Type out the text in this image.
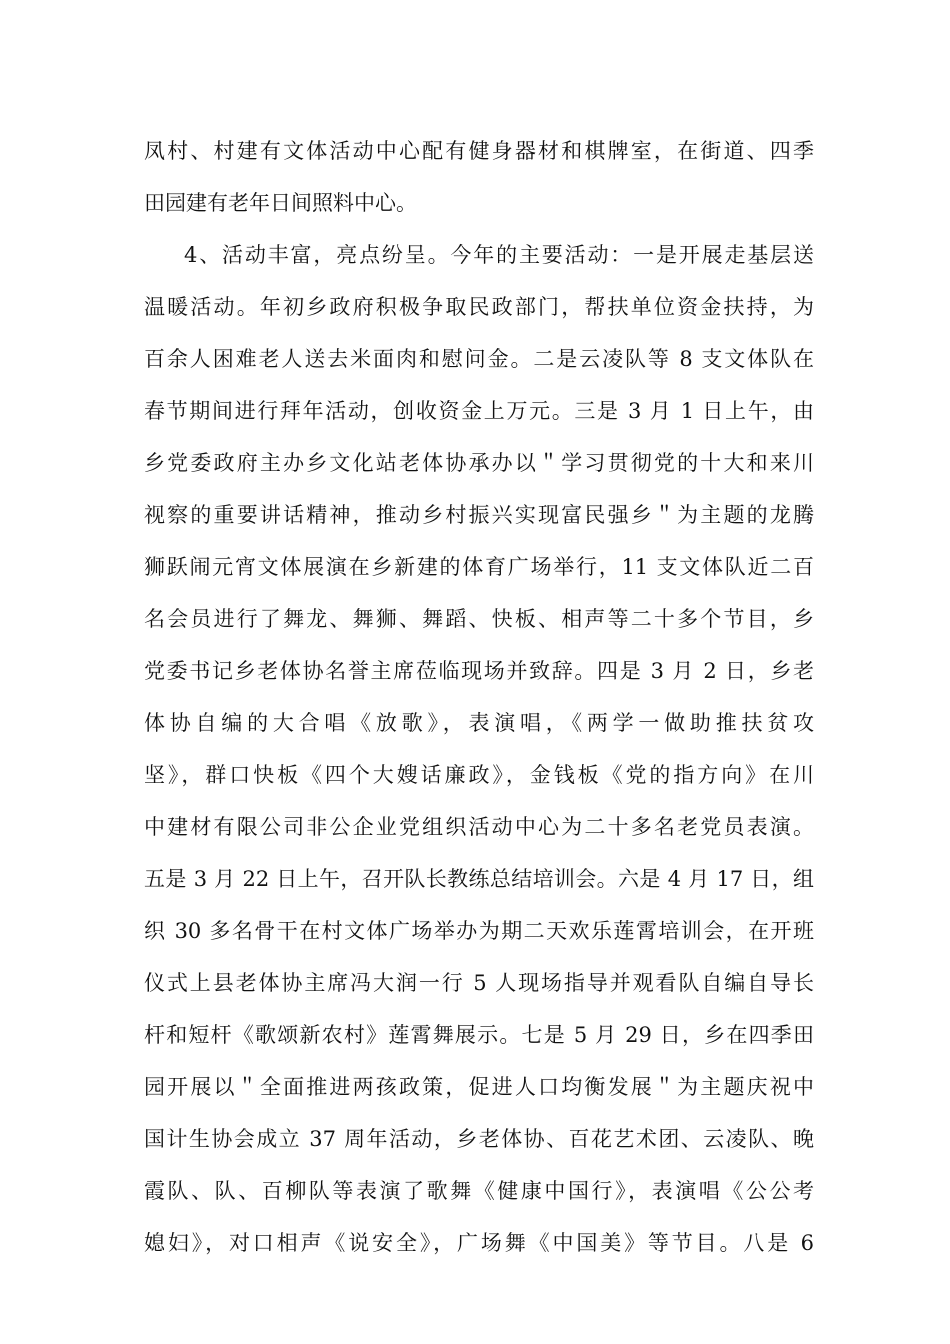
凤村、村建有文体活动中心配有健身器材和棋牌室，在街道、四季
田园建有老年日间照料中心。
4、活动丰富，亮点纷呈。今年的主要活动：一是开展走基层送
温暖活动。年初乡政府积极争取民政部门，帮扶单位资金扶持，为
百余人困难老人送去米面肉和慰问金。二是云凌队等 8 支文体队在
春节期间进行拜年活动，创收资金上万元。三是 3 月 1 日上午，由
乡党委政府主办乡文化站老体协承办以＂学习贯彻党的十大和来川
视察的重要讲话精神，推动乡村振兴实现富民强乡＂为主题的龙腾
狮跃闹元宵文体展演在乡新建的体育广场举行，11 支文体队近二百
名会员进行了舞龙、舞狮、舞蹈、快板、相声等二十多个节目，乡
党委书记乡老体协名誉主席莅临现场并致辞。四是 3 月 2 日，乡老
体协自编的大合唱《放歌》，表演唱，《两学一做助推扶贫攻
坚》，群口快板《四个大嫂话廉政》，金钱板《党的指方向》在川
中建材有限公司非公企业党组织活动中心为二十多名老党员表演。
五是 3 月 22 日上午，召开队长教练总结培训会。六是 4 月 17 日，组
织 30 多名骨干在村文体广场举办为期二天欢乐莲霄培训会，在开班
仪式上县老体协主席冯大润一行 5 人现场指导并观看队自编自导长
杆和短杆《歌颂新农村》莲霄舞展示。七是 5 月 29 日，乡在四季田
园开展以＂全面推进两孩政策，促进人口均衡发展＂为主题庆祝中
国计生协会成立 37 周年活动，乡老体协、百花艺术团、云凌队、晚
霞队、队、百柳队等表演了歌舞《健康中国行》，表演唱《公公考
媳妇》，对口相声《说安全》，广场舞《中国美》等节目。八是 6
